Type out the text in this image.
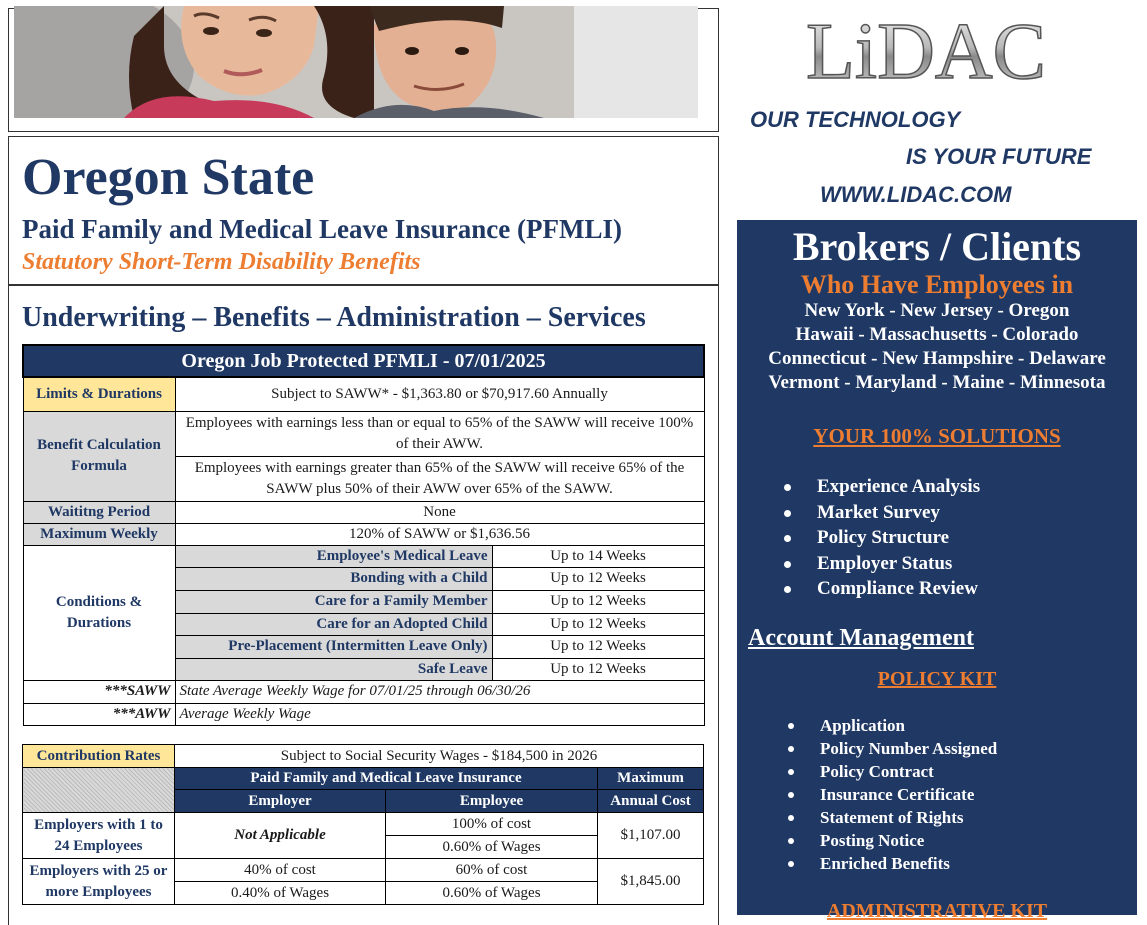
Oregon State
Paid Family and Medical Leave Insurance (PFMLI)
Statutory Short-Term Disability Benefits
Underwriting – Benefits – Administration – Services
Oregon Job Protected PFMLI - 07/01/2025		
Limits & Durations	Subject to SAWW* - $1,363.80 or $70,917.60 Annually	
Benefit Calculation Formula	Employees with earnings less than or equal to 65% of the SAWW will receive 100% of their AWW.	
	Employees with earnings greater than 65% of the SAWW will receive 65% of the SAWW plus 50% of their AWW over 65% of the SAWW.	
Waititng Period	None	
Maximum Weekly	120% of SAWW or $1,636.56	
Conditions & Durations	Employee's Medical Leave	Up to 14 Weeks
	Bonding with a Child	Up to 12 Weeks
	Care for a Family Member	Up to 12 Weeks
	Care for an Adopted Child	Up to 12 Weeks
	Pre-Placement (Intermitten Leave Only)	Up to 12 Weeks
	Safe Leave	Up to 12 Weeks
***SAWW	State Average Weekly Wage for 07/01/25 through 06/30/26	
***AWW	Average Weekly Wage	
Contribution Rates	Subject to Social Security Wages - $184,500 in 2026		
	Paid Family and Medical Leave Insurance		Maximum
	Employer	Employee	Annual Cost
Employers with 1 to 24 Employees	Not Applicable	100% of cost	$1,107.00
		0.60% of Wages	
Employers with 25 or more Employees	40% of cost	60% of cost	$1,845.00
	0.40% of Wages	0.60% of Wages	
LiDAC
OUR TECHNOLOGY
IS YOUR FUTURE
WWW.LIDAC.COM
Brokers / Clients
Who Have Employees in
New York - New Jersey - Oregon
Hawaii - Massachusetts - Colorado
Connecticut - New Hampshire - Delaware
Vermont - Maryland - Maine - Minnesota
YOUR 100% SOLUTIONS
Experience Analysis
Market Survey
Policy Structure
Employer Status
Compliance Review
Account Management
POLICY KIT
Application
Policy Number Assigned
Policy Contract
Insurance Certificate
Statement of Rights
Posting Notice
Enriched Benefits
ADMINISTRATIVE KIT
